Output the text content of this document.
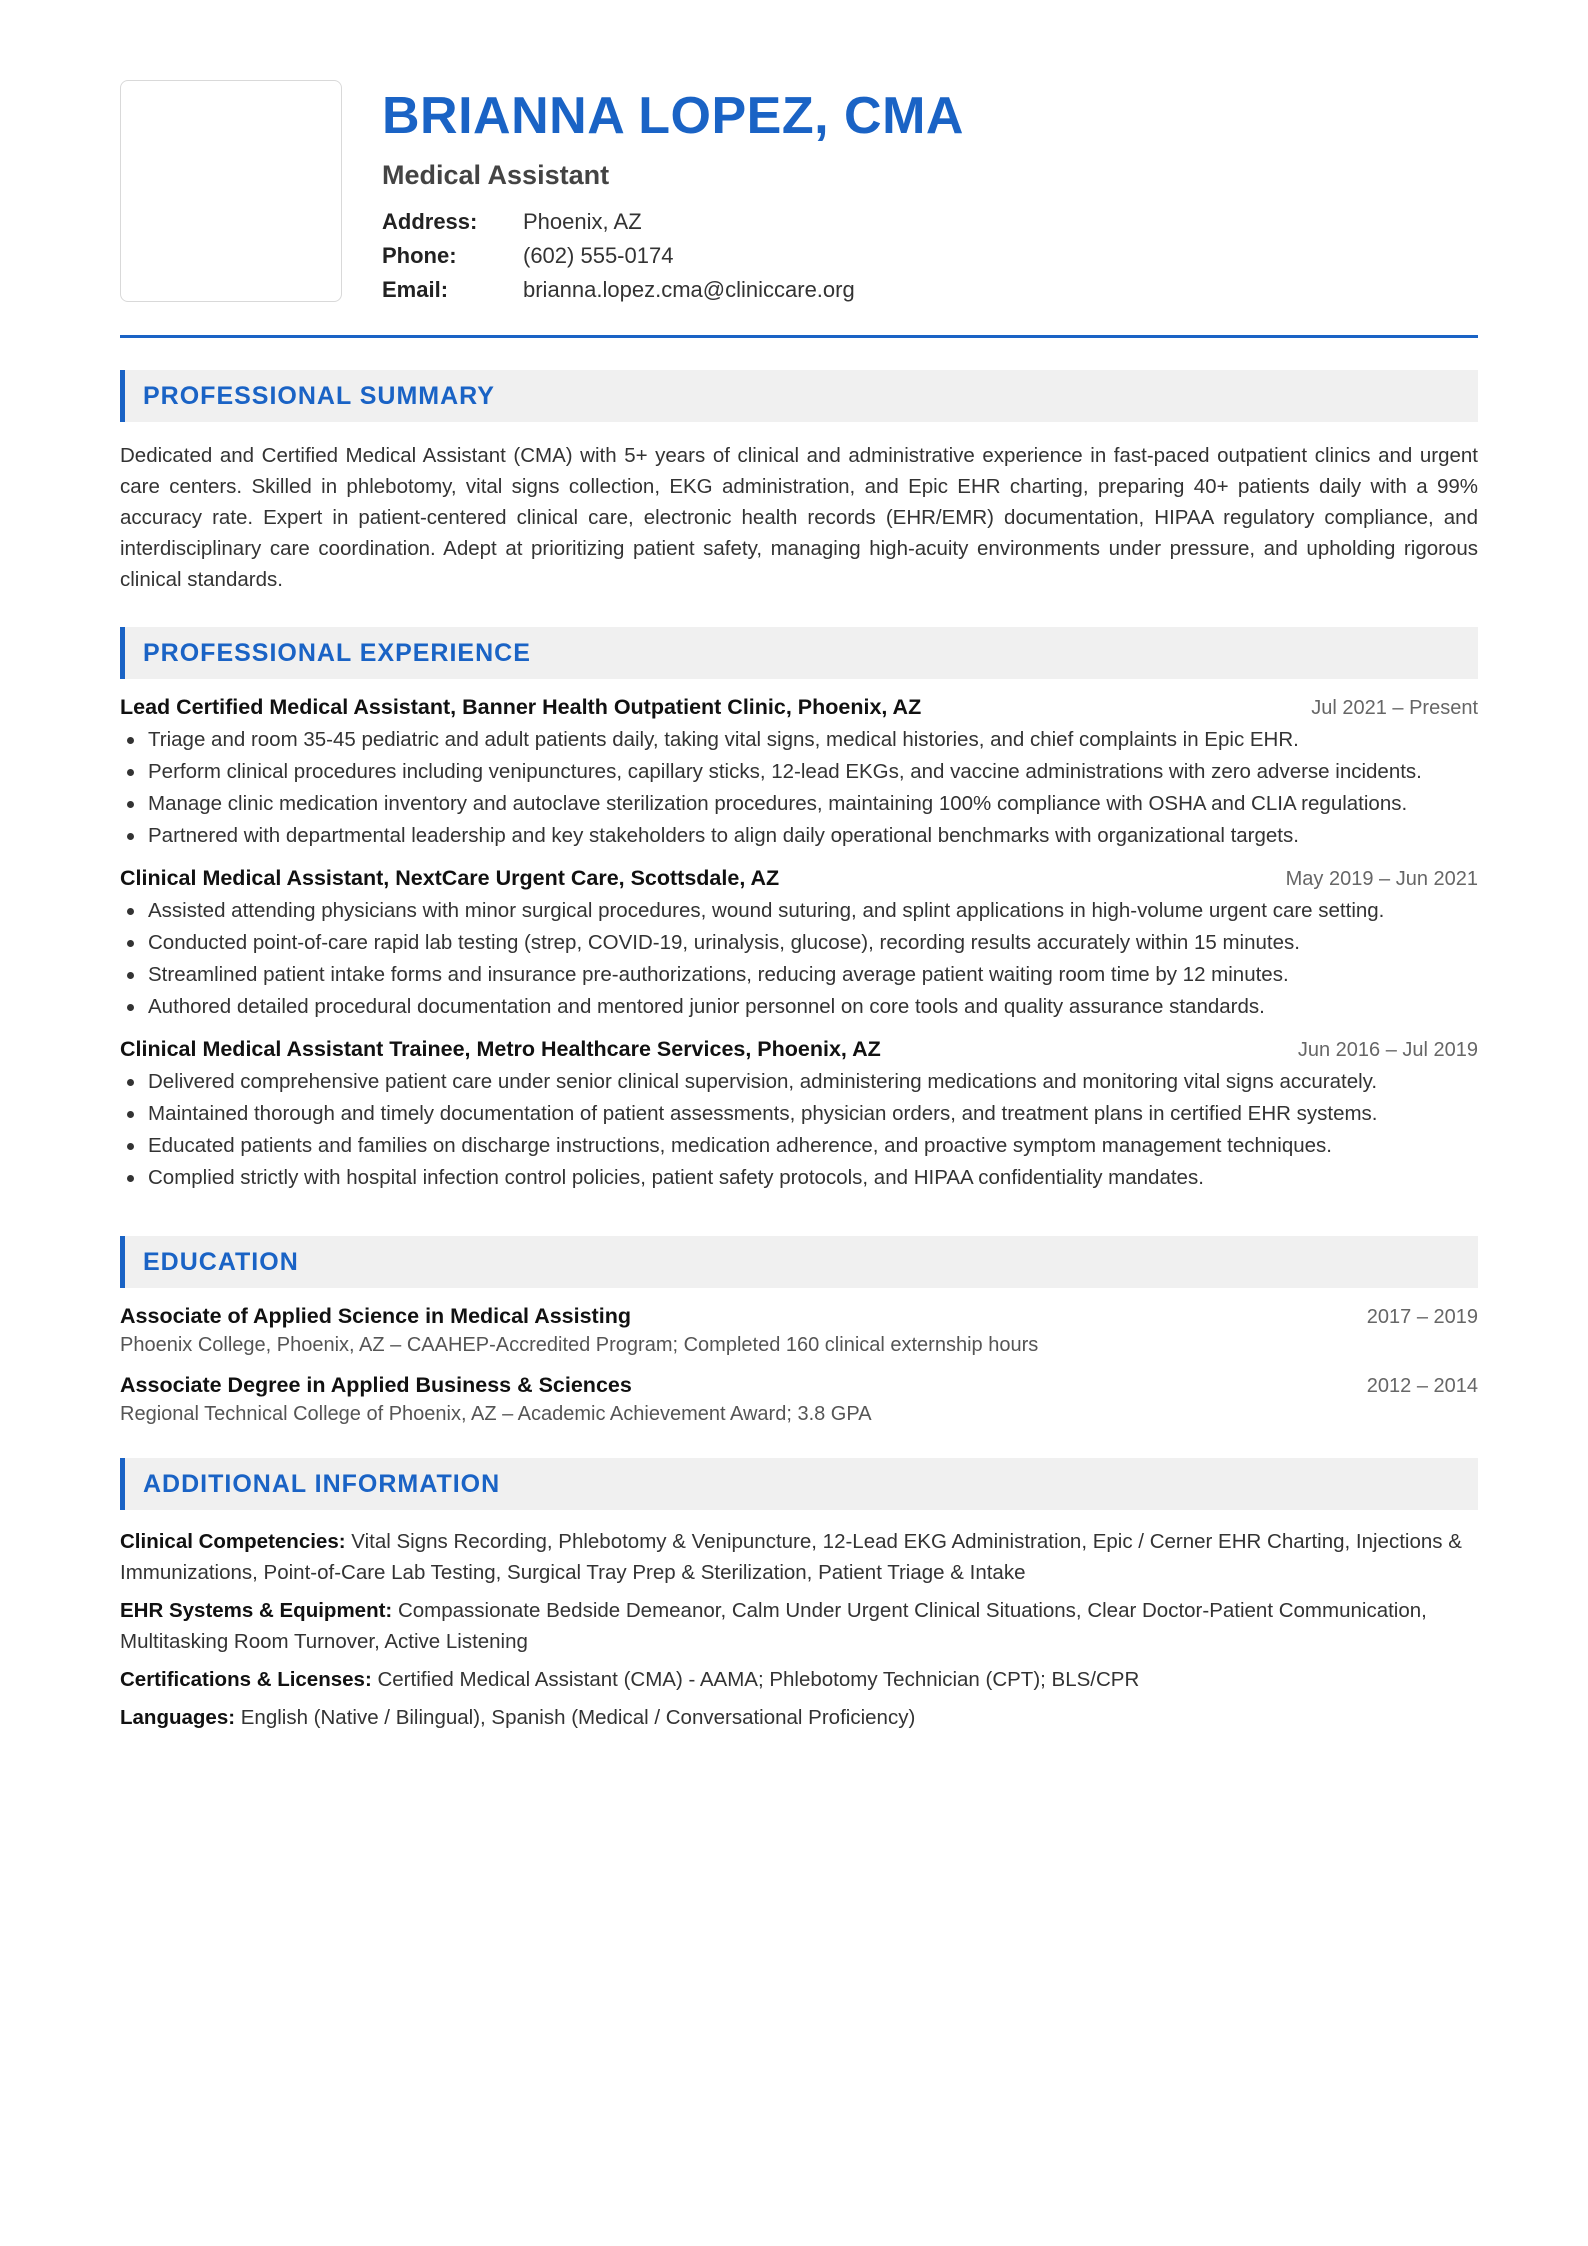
BRIANNA LOPEZ, CMA
Medical Assistant
Address:	Phoenix, AZ
Phone:	(602) 555-0174
Email:	brianna.lopez.cma@cliniccare.org
PROFESSIONAL SUMMARY

Dedicated and Certified Medical Assistant (CMA) with 5+ years of clinical and administrative experience in fast-paced outpatient clinics and urgent care centers. Skilled in phlebotomy, vital signs collection, EKG administration, and Epic EHR charting, preparing 40+ patients daily with a 99% accuracy rate. Expert in patient-centered clinical care, electronic health records (EHR/EMR) documentation, HIPAA regulatory compliance, and interdisciplinary care coordination. Adept at prioritizing patient safety, managing high-acuity environments under pressure, and upholding rigorous clinical standards.

PROFESSIONAL EXPERIENCE
Lead Certified Medical Assistant, Banner Health Outpatient Clinic, Phoenix, AZ	Jul 2021 – Present
Triage and room 35-45 pediatric and adult patients daily, taking vital signs, medical histories, and chief complaints in Epic EHR.
Perform clinical procedures including venipunctures, capillary sticks, 12-lead EKGs, and vaccine administrations with zero adverse incidents.
Manage clinic medication inventory and autoclave sterilization procedures, maintaining 100% compliance with OSHA and CLIA regulations.
Partnered with departmental leadership and key stakeholders to align daily operational benchmarks with organizational targets.
Clinical Medical Assistant, NextCare Urgent Care, Scottsdale, AZ	May 2019 – Jun 2021
Assisted attending physicians with minor surgical procedures, wound suturing, and splint applications in high-volume urgent care setting.
Conducted point-of-care rapid lab testing (strep, COVID-19, urinalysis, glucose), recording results accurately within 15 minutes.
Streamlined patient intake forms and insurance pre-authorizations, reducing average patient waiting room time by 12 minutes.
Authored detailed procedural documentation and mentored junior personnel on core tools and quality assurance standards.
Clinical Medical Assistant Trainee, Metro Healthcare Services, Phoenix, AZ	Jun 2016 – Jul 2019
Delivered comprehensive patient care under senior clinical supervision, administering medications and monitoring vital signs accurately.
Maintained thorough and timely documentation of patient assessments, physician orders, and treatment plans in certified EHR systems.
Educated patients and families on discharge instructions, medication adherence, and proactive symptom management techniques.
Complied strictly with hospital infection control policies, patient safety protocols, and HIPAA confidentiality mandates.
EDUCATION
Associate of Applied Science in Medical Assisting	2017 – 2019
Phoenix College, Phoenix, AZ – CAAHEP-Accredited Program; Completed 160 clinical externship hours
Associate Degree in Applied Business & Sciences	2012 – 2014
Regional Technical College of Phoenix, AZ – Academic Achievement Award; 3.8 GPA
ADDITIONAL INFORMATION
Clinical Competencies: Vital Signs Recording, Phlebotomy & Venipuncture, 12-Lead EKG Administration, Epic / Cerner EHR Charting, Injections & Immunizations, Point-of-Care Lab Testing, Surgical Tray Prep & Sterilization, Patient Triage & Intake
EHR Systems & Equipment: Compassionate Bedside Demeanor, Calm Under Urgent Clinical Situations, Clear Doctor-Patient Communication, Multitasking Room Turnover, Active Listening
Certifications & Licenses: Certified Medical Assistant (CMA) - AAMA; Phlebotomy Technician (CPT); BLS/CPR
Languages: English (Native / Bilingual), Spanish (Medical / Conversational Proficiency)
